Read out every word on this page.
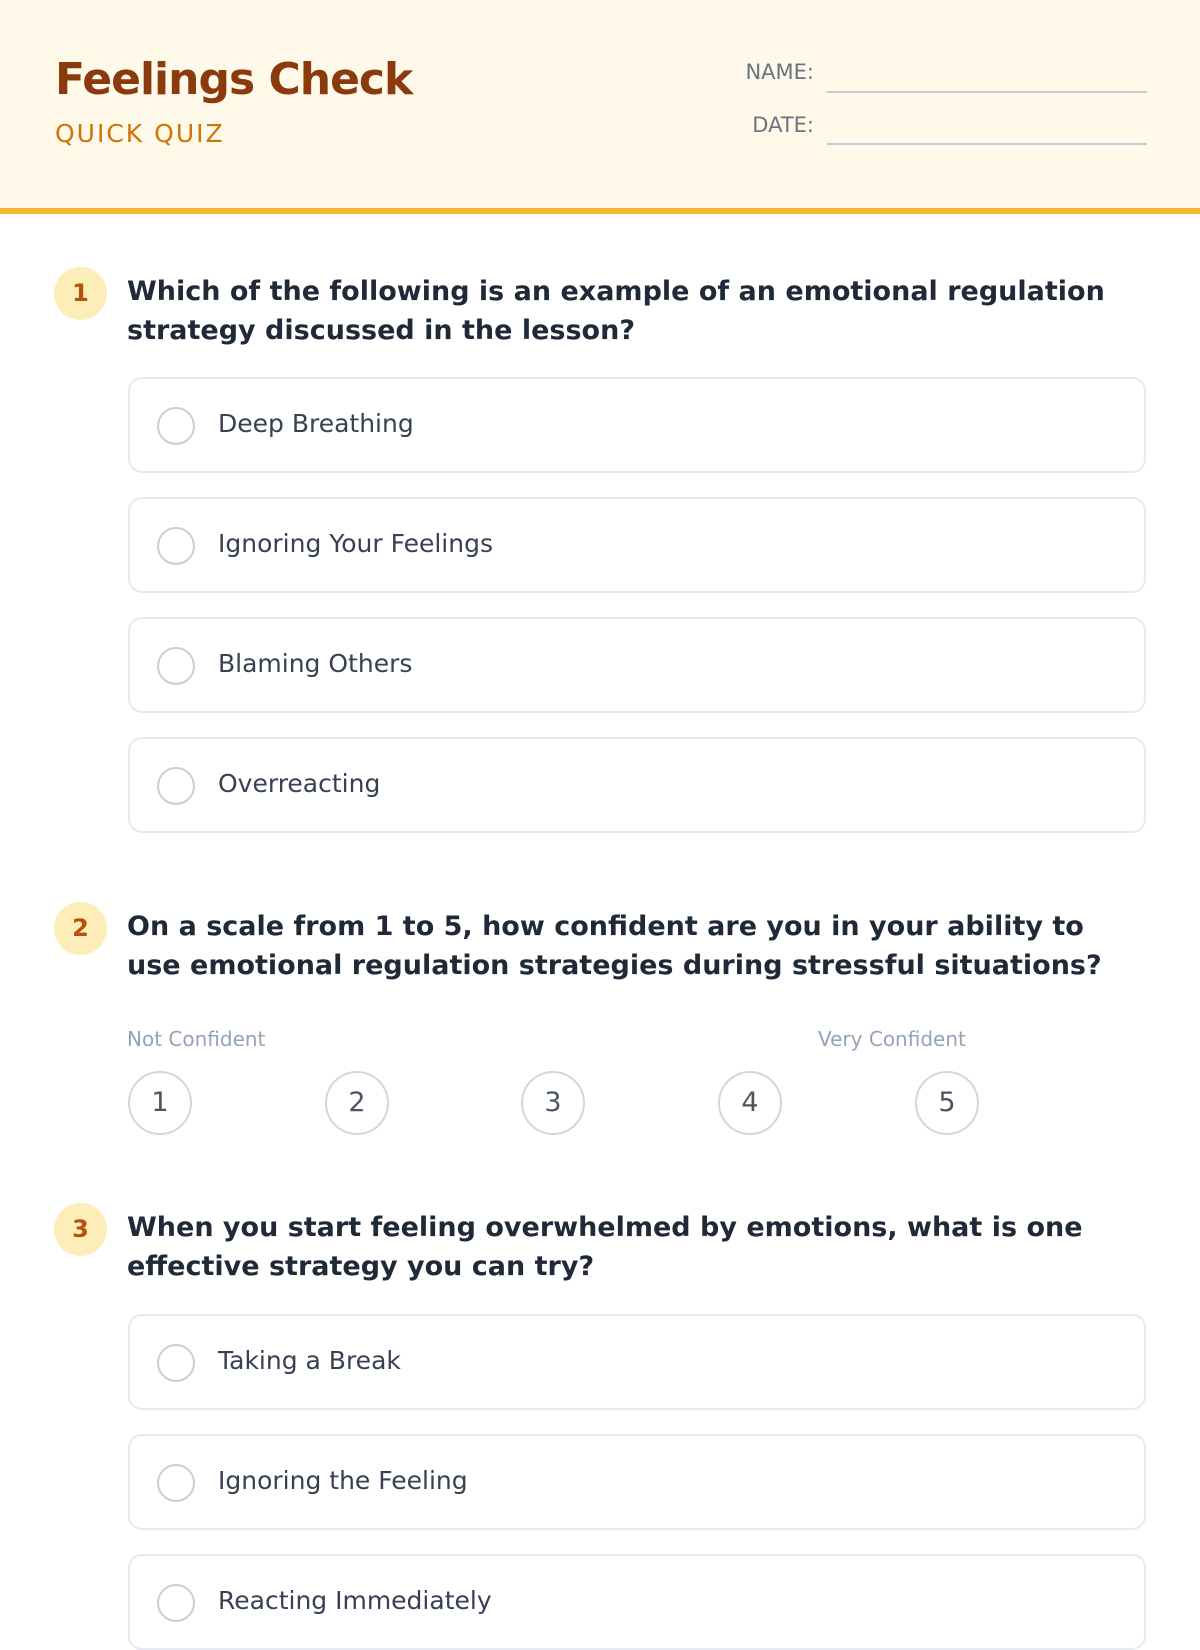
Feelings Check
QUICK QUIZ
NAME:
DATE:
1	Which of the following is an example of an emotional regulation strategy discussed in the lesson?
Deep Breathing
Ignoring Your Feelings
Blaming Others
Overreacting
2	On a scale from 1 to 5, how confident are you in your ability to use emotional regulation strategies during stressful situations?
Not Confident	Very Confident
1	2	3	4	5
3	When you start feeling overwhelmed by emotions, what is one effective strategy you can try?
Taking a Break
Ignoring the Feeling
Reacting Immediately
